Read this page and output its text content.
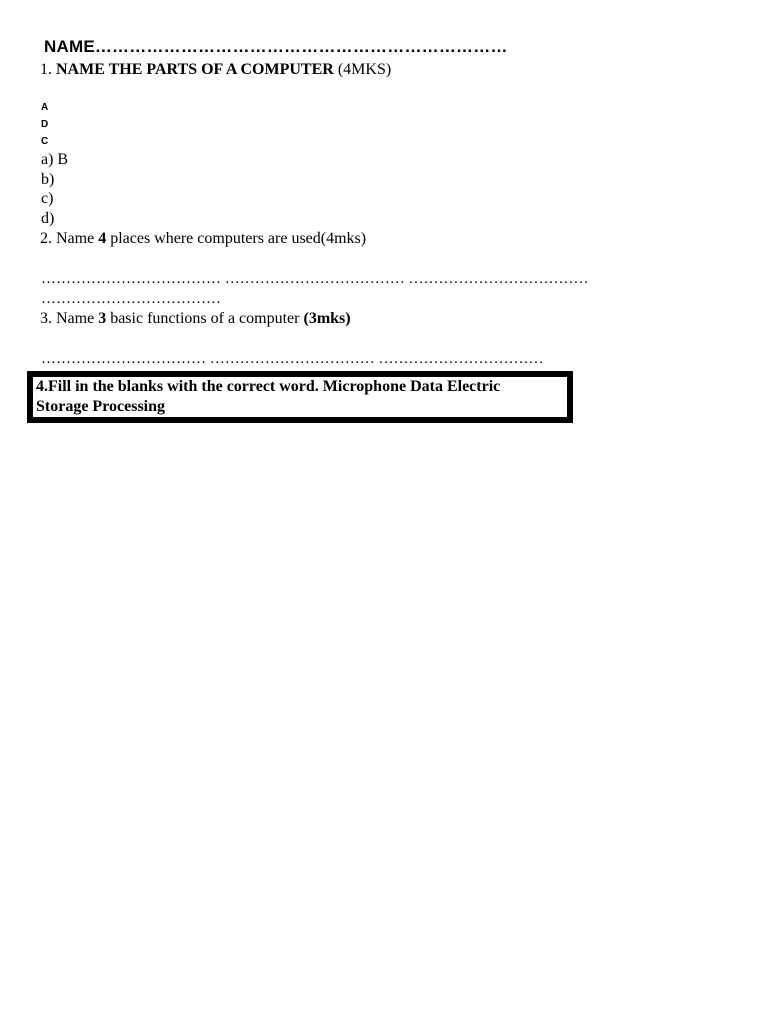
NAME………………………………………………………………
1. NAME THE PARTS OF A COMPUTER (4MKS)
A
D
C
a) B
b)
c)
d)
2. Name 4 places where computers are used(4mks)
……………………………… ……………………………… ………………………………
………………………………
3. Name 3 basic functions of a computer (3mks)
…………………………… …………………………… ……………………………
4.Fill in the blanks with the correct word. Microphone Data Electric Storage Processing
